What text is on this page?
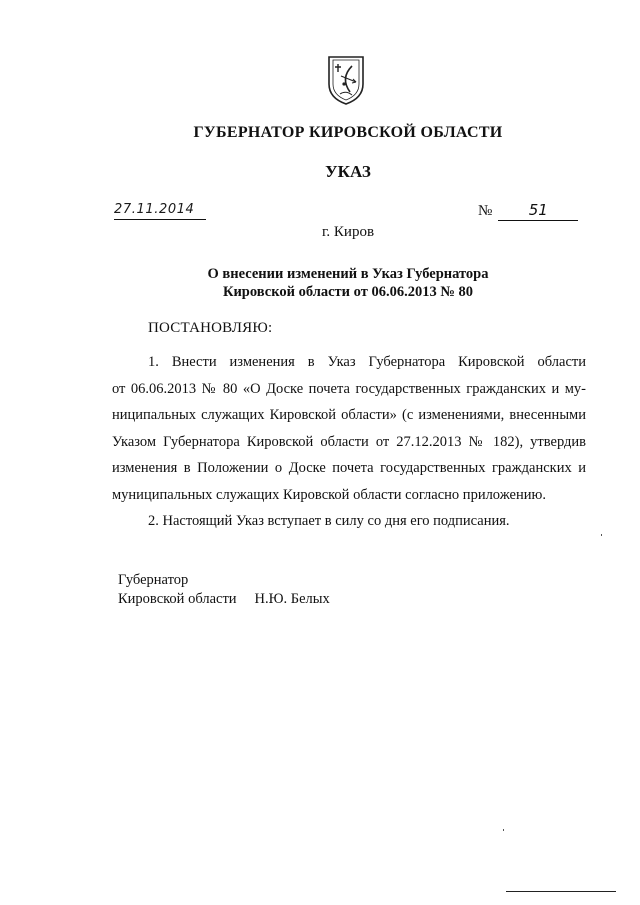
ГУБЕРНАТОР КИРОВСКОЙ ОБЛАСТИ
УКАЗ
27.11.2014	№ 51
г. Киров
О внесении изменений в Указ Губернатора
Кировской области от 06.06.2013 № 80
ПОСТАНОВЛЯЮ:
1. Внести изменения в Указ Губернатора Кировской области
от 06.06.2013 № 80 «О Доске почета государственных гражданских и му-
ниципальных служащих Кировской области» (с изменениями, внесенными
Указом Губернатора Кировской области от 27.12.2013 № 182), утвердив
изменения в Положении о Доске почета государственных гражданских и
муниципальных служащих Кировской области согласно приложению.
2. Настоящий Указ вступает в силу со дня его подписания.
Губернатор
Кировской области Н.Ю. Белых
